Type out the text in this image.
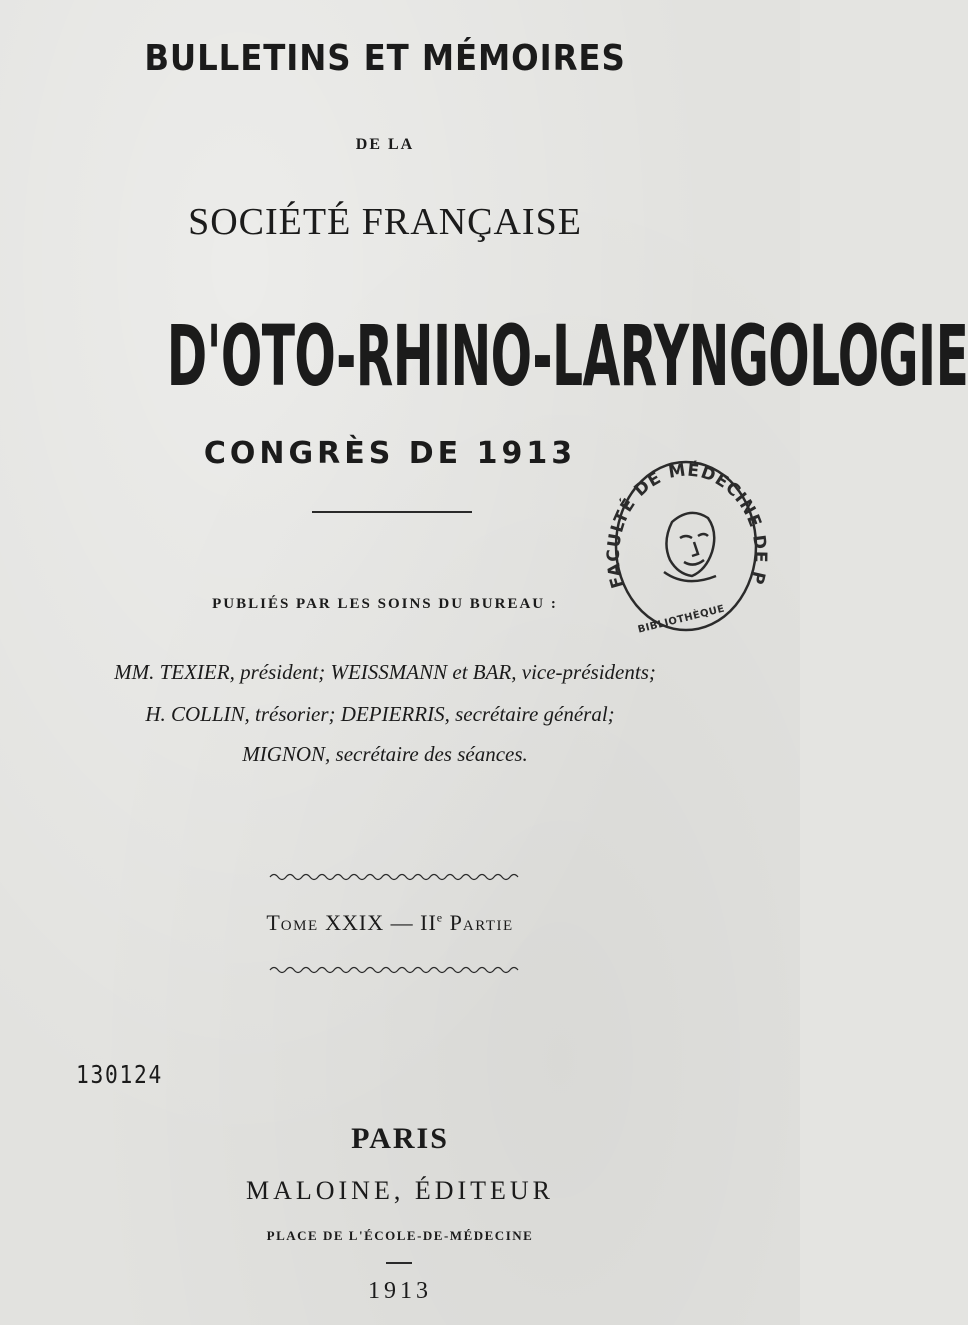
BULLETINS ET MÉMOIRES
DE LA
SOCIÉTÉ FRANÇAISE
D'OTO-RHINO-LARYNGOLOGIE
CONGRÈS DE 1913
PUBLIÉS PAR LES SOINS DU BUREAU :
MM. TEXIER, président; WEISSMANN et BAR, vice-présidents;
H. COLLIN, trésorier; DEPIERRIS, secrétaire général;
MIGNON, secrétaire des séances.
TOME XXIX — IIe PARTIE
130124
PARIS
MALOINE, ÉDITEUR
PLACE DE L'ÉCOLE-DE-MÉDECINE
1913
FACULTÉ DE MÉDECINE D P
BIBLIOTHÈQUE
